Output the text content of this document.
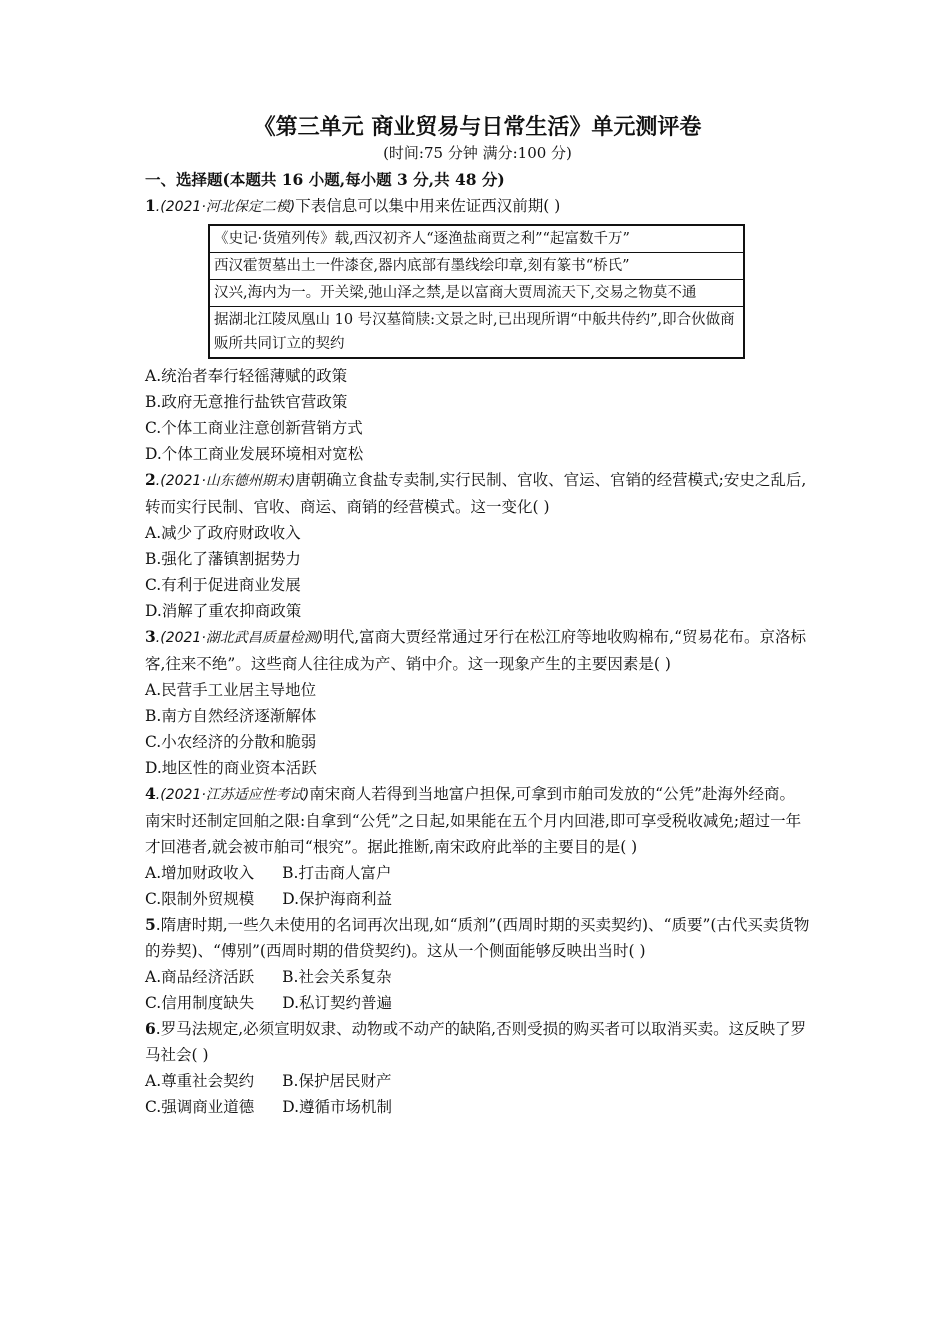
《第三单元 商业贸易与日常生活》单元测评卷

(时间:75 分钟 满分:100 分)

一、选择题(本题共 16 小题,每小题 3 分,共 48 分)

1.(2021·河北保定二模)下表信息可以集中用来佐证西汉前期( )

《史记·货殖列传》载,西汉初齐人“逐渔盐商贾之利”“起富数千万”
西汉霍贺墓出土一件漆奁,器内底部有墨线绘印章,刻有篆书“桥氏”
汉兴,海内为一。开关梁,弛山泽之禁,是以富商大贾周流天下,交易之物莫不通
据湖北江陵凤凰山 10 号汉墓简牍:文景之时,已出现所谓“中舨共侍约”,即合伙做商贩所共同订立的契约

A.统治者奉行轻徭薄赋的政策

B.政府无意推行盐铁官营政策

C.个体工商业注意创新营销方式

D.个体工商业发展环境相对宽松

2.(2021·山东德州期末)唐朝确立食盐专卖制,实行民制、官收、官运、官销的经营模式;安史之乱后,转而实行民制、官收、商运、商销的经营模式。这一变化( )

A.减少了政府财政收入

B.强化了藩镇割据势力

C.有利于促进商业发展

D.消解了重农抑商政策

3.(2021·湖北武昌质量检测)明代,富商大贾经常通过牙行在松江府等地收购棉布,“贸易花布。京洛标客,往来不绝”。这些商人往往成为产、销中介。这一现象产生的主要因素是( )

A.民营手工业居主导地位

B.南方自然经济逐渐解体

C.小农经济的分散和脆弱

D.地区性的商业资本活跃

4.(2021·江苏适应性考试)南宋商人若得到当地富户担保,可拿到市舶司发放的“公凭”赴海外经商。南宋时还制定回舶之限:自拿到“公凭”之日起,如果能在五个月内回港,即可享受税收减免;超过一年才回港者,就会被市舶司“根究”。据此推断,南宋政府此举的主要目的是( )

A.增加财政收入 B.打击商人富户
C.限制外贸规模 D.保护海商利益

5.隋唐时期,一些久未使用的名词再次出现,如“质剂”(西周时期的买卖契约)、“质要”(古代买卖货物的券契)、“傅别”(西周时期的借贷契约)。这从一个侧面能够反映出当时( )

A.商品经济活跃 B.社会关系复杂
C.信用制度缺失 D.私订契约普遍

6.罗马法规定,必须宣明奴隶、动物或不动产的缺陷,否则受损的购买者可以取消买卖。这反映了罗马社会( )

A.尊重社会契约 B.保护居民财产
C.强调商业道德 D.遵循市场机制
